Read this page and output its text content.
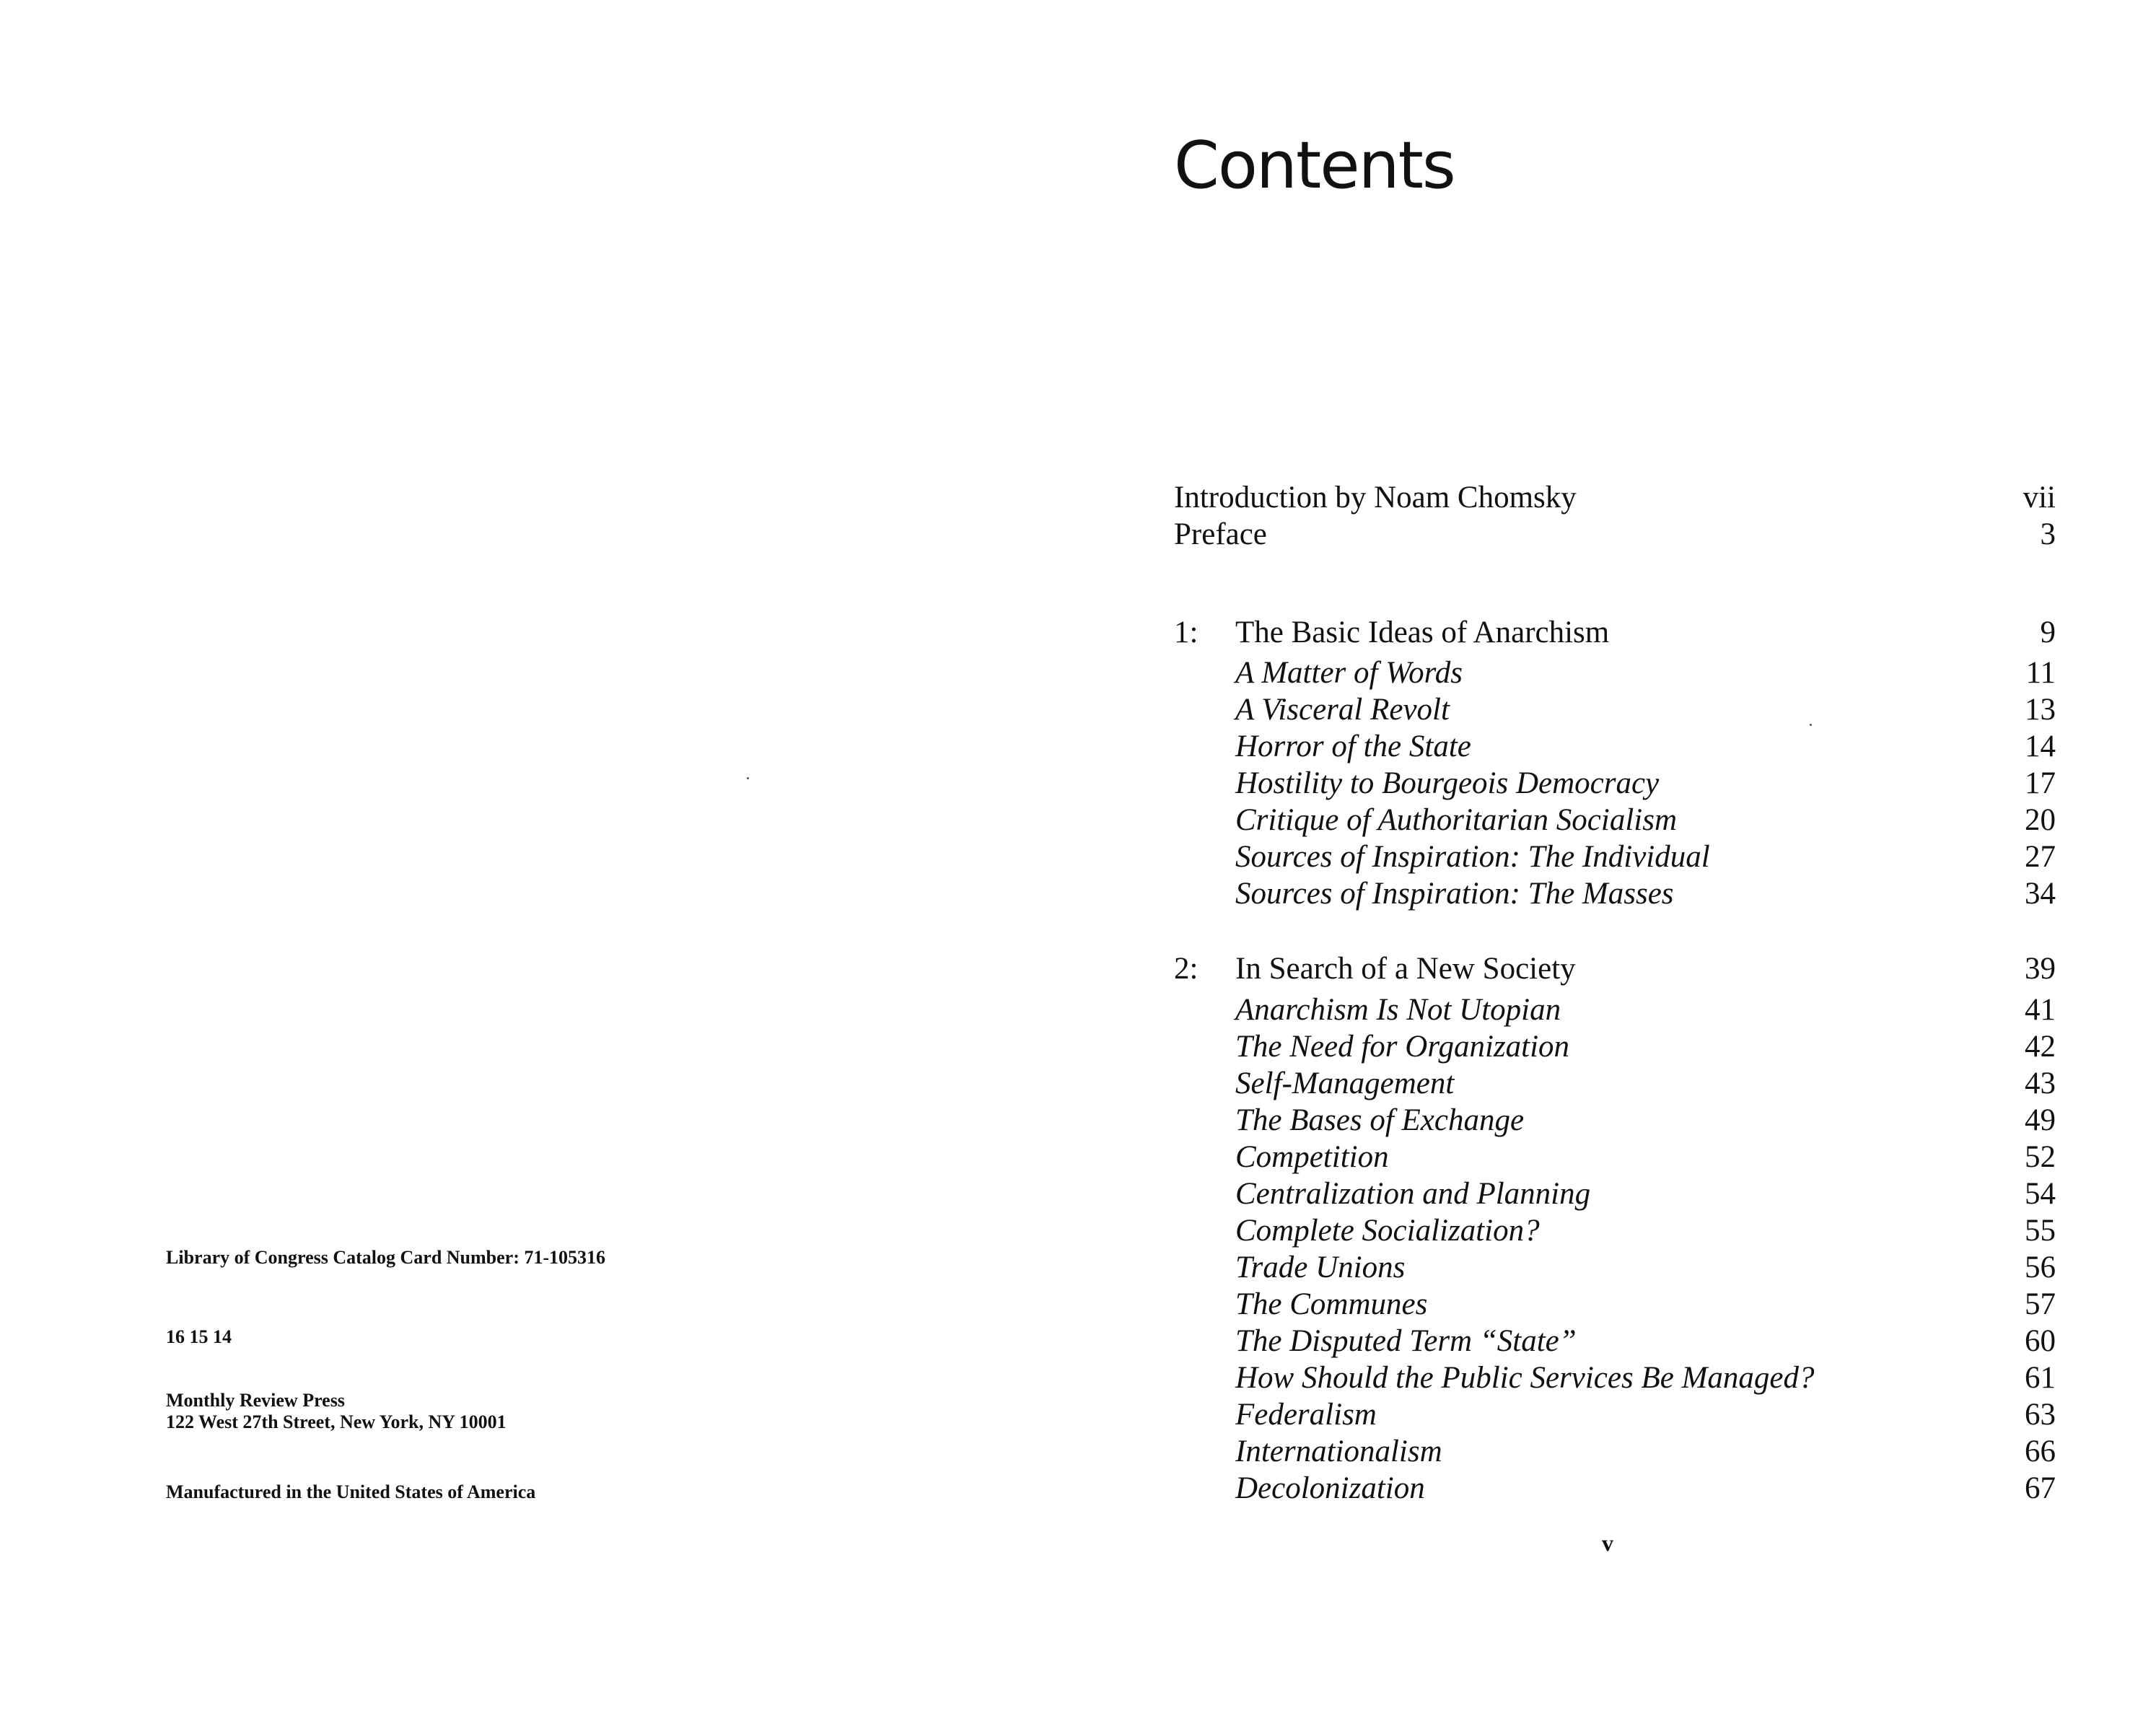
Library of Congress Catalog Card Number: 71-105316
16 15 14
Monthly Review Press
122 West 27th Street, New York, NY 10001
Manufactured in the United States of America
Contents
Introduction by Noam Chomsky	vii
Preface	3
1: The Basic Ideas of Anarchism	9
A Matter of Words	11
A Visceral Revolt	13
Horror of the State	14
Hostility to Bourgeois Democracy	17
Critique of Authoritarian Socialism	20
Sources of Inspiration: The Individual	27
Sources of Inspiration: The Masses	34
2: In Search of a New Society	39
Anarchism Is Not Utopian	41
The Need for Organization	42
Self-Management	43
The Bases of Exchange	49
Competition	52
Centralization and Planning	54
Complete Socialization?	55
Trade Unions	56
The Communes	57
The Disputed Term “State”	60
How Should the Public Services Be Managed?	61
Federalism	63
Internationalism	66
Decolonization	67
v
